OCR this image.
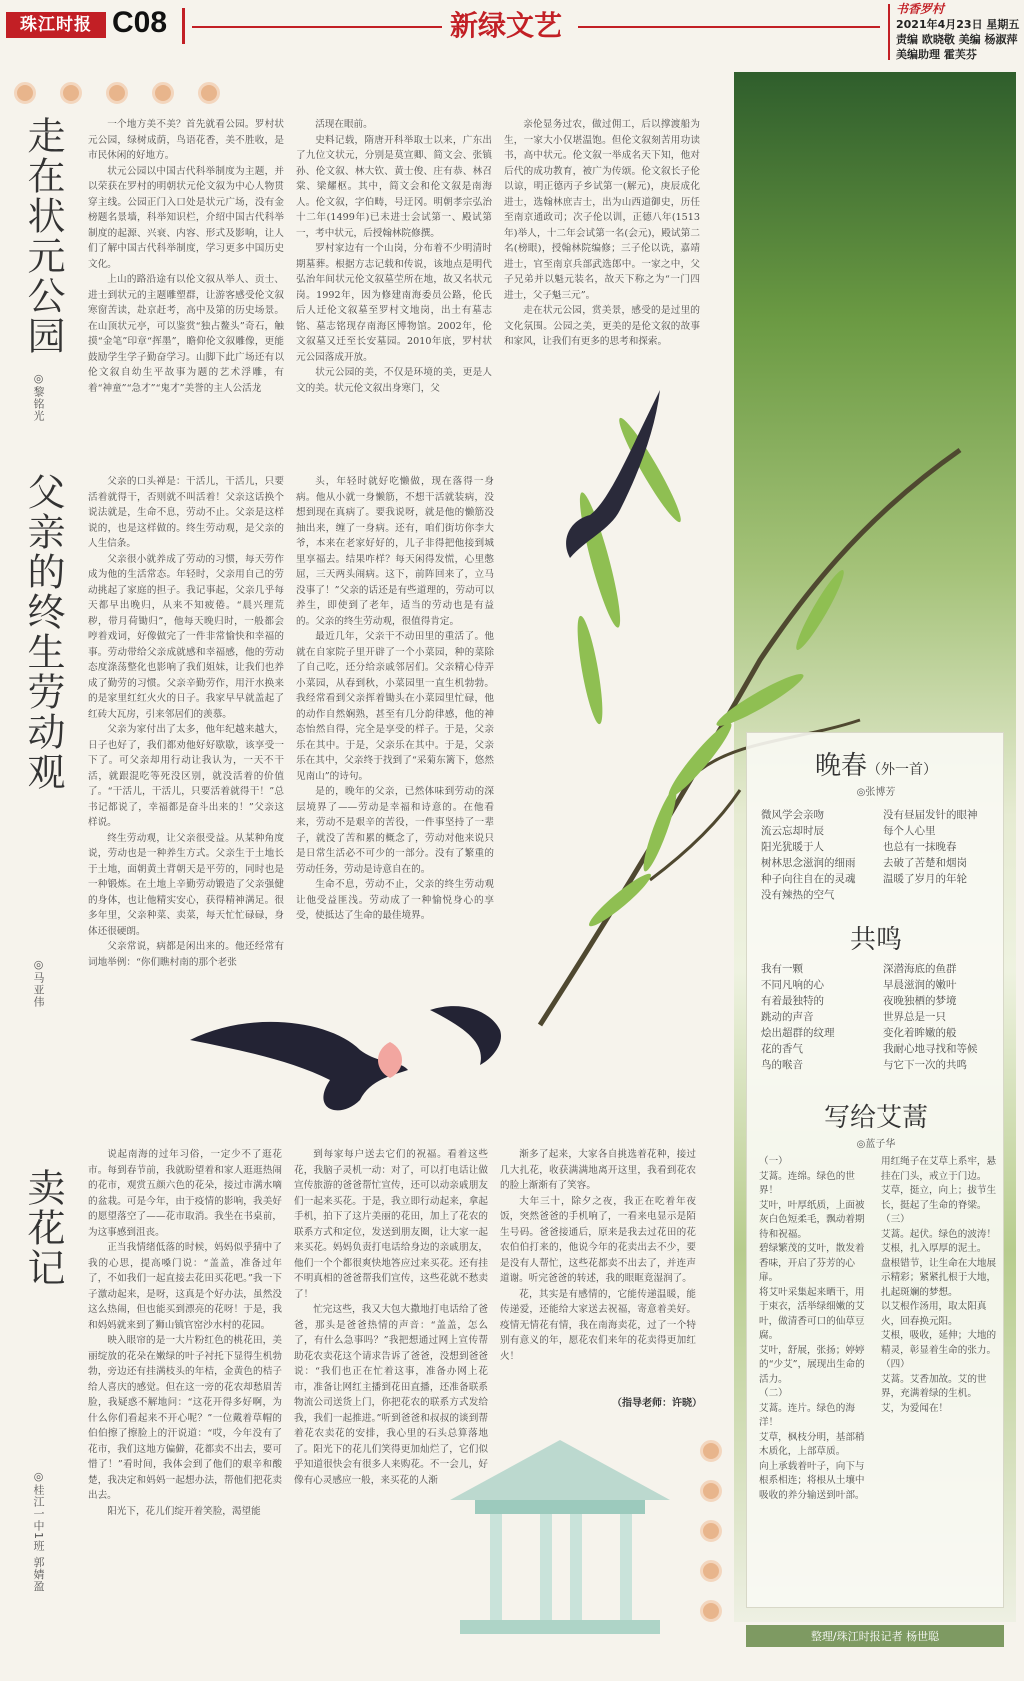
珠江时报 C08	新绿文艺	书香罗村
2021年4月23日 星期五
责编 欧晓敬 美编 杨淑萍
美编助理 霍芙芬
走在状元公园
◎黎铭光

一个地方美不美？首先就看公园。罗村状元公园，绿树成荫，鸟语花香，美不胜收，是市民休闲的好地方。

状元公园以中国古代科举制度为主题，并以荣获在罗村的明朝状元伦文叙为中心人物贯穿主线。公园正门入口处是状元广场，没有金榜题名景墙，科举知识栏，介绍中国古代科举制度的起源、兴衰、内容、形式及影响，让人们了解中国古代科举制度，学习更多中国历史文化。

上山的路沿途有以伦文叙从举人、贡士、进士到状元的主题雕塑群，让游客感受伦文叙寒窗苦读，赴京赶考，高中及第的历史场景。在山顶状元亭，可以鉴赏“独占鳌头”奇石，触摸“金笔”印章“挥墨”，瞻仰伦文叙雕像，更能鼓励学生学子勤奋学习。山脚下此广场还有以伦文叙自幼生平故事为题的艺术浮雕，有着“神童”“急才”“鬼才”美誉的主人公活龙

活现在眼前。

史料记载，隋唐开科举取士以来，广东出了九位文状元，分别是莫宣卿、简文会、张镇孙、伦文叙、林大钦、黄士俊、庄有恭、林召棠、梁耀枢。其中，简文会和伦文叙是南海人。伦文叙，字伯畴，号迂冈。明朝孝宗弘治十二年(1499年)已未进士会试第一、殿试第一，考中状元，后授翰林院修撰。

罗村家边有一个山岗，分布着不少明清时期墓葬。根据方志记载和传说，该地点是明代弘治年间状元伦文叙墓茔所在地，故又名状元岗。1992年，因为修建南海委员公路，伦氏后人迁伦文叙墓至罗村文地岗，出土有墓志铭、墓志铭现存南海区博物馆。2002年，伦文叙墓又迁至长安墓园。2010年底，罗村状元公园落成开放。

状元公园的美，不仅是环境的美，更是人文的美。状元伦文叙出身寒门，父

亲伦显务过农，做过佣工，后以撑渡船为生，一家大小仅堪温饱。但伦文叙刻苦用功读书，高中状元。伦文叙一举成名天下知，他对后代的成功教育，被广为传颂。伦文叙长子伦以谅，明正德丙子乡试第一(解元)，庚辰成化进士，选翰林庶吉士，出为山西道御史，历任至南京通政司；次子伦以训，正德八年(1513年)举人，十二年会试第一名(会元)，殿试第二名(榜眼)，授翰林院编修；三子伦以诜，嘉靖进士，官至南京兵部武选郎中。一家之中，父子兄弟并以魁元装名，故天下称之为“一门四进士，父子魁三元”。

走在状元公园，赏美景，感受的是过里的文化氛围。公园之美，更美的是伦文叙的故事和家风，让我们有更多的思考和探索。

父亲的终生劳动观
◎马亚伟

父亲的口头禅是：干活儿，干活儿，只要活着就得干，否则就不叫活着！父亲这话换个说法就是，生命不息，劳动不止。父亲是这样说的，也是这样做的。终生劳动观，是父亲的人生信条。

父亲很小就养成了劳动的习惯，每天劳作成为他的生活常态。年轻时，父亲用自己的劳动挑起了家庭的担子。我记事起，父亲几乎每天都早出晚归，从来不知疲倦。“晨兴理荒秽，带月荷锄归”，他每天晚归时，一般都会哼着戏词，好像做完了一件非常愉快和幸福的事。劳动带给父亲成就感和幸福感，他的劳动态度涤荡整化也影响了我们姐妹，让我们也养成了勤劳的习惯。父亲辛勤劳作，用汗水换来的是家里红红火火的日子。我家早早就盖起了红砖大瓦房，引来邻居们的羡慕。

父亲为家付出了太多，他年纪越来越大，日子也好了，我们都劝他好好歇歇，该享受一下了。可父亲却用行动让我认为，一天不干活，就跟混吃等死没区别，就没活着的价值了。“干活儿，干活儿，只要活着就得干！”总书记都说了，幸福都是奋斗出来的！”父亲这样说。

终生劳动观，让父亲很受益。从某种角度说，劳动也是一种养生方式。父亲生于土地长于土地，面朝黄土背朝天是平劳的，同时也是一种锻炼。在土地上辛勤劳动锻造了父亲强健的身体，也让他精实安心，获得精神满足。很多年里，父亲种菜、卖菜，每天忙忙碌碌，身体还很硬朗。

父亲常说，病都是闲出来的。他还经常有词地举例：“你们瞧村南的那个老张

头，年轻时就好吃懒做，现在落得一身病。他从小就一身懒筋，不想干活就装病，没想到现在真病了。要我说呀，就是他的懒筋没抽出来，缠了一身病。还有，咱们街坊你李大爷，本来在老家好好的，儿子非得把他接到城里享福去。结果咋样？每天闲得发慌，心里憋屈，三天两头闹病。这下，前阵回来了，立马没事了！”父亲的话还是有些道理的，劳动可以养生，即使到了老年，适当的劳动也是有益的。父亲的终生劳动观，很值得肯定。

最近几年，父亲干不动田里的重活了。他就在自家院子里开辟了一个小菜园，种的菜除了自己吃，还分给亲戚邻居们。父亲精心侍弄小菜园，从春到秋，小菜园里一直生机勃勃。我经常看到父亲挥着锄头在小菜园里忙碌，他的动作自然娴熟，甚至有几分韵律感，他的神态怡然自得，完全是享受的样子。于是，父亲乐在其中。于是，父亲乐在其中。于是，父亲乐在其中，父亲终于找到了“采菊东篱下，悠然见南山”的诗句。

是的，晚年的父亲，已然体味到劳动的深层境界了——劳动是幸福和诗意的。在他看来，劳动不是艰辛的苦役，一件事坚持了一辈子，就没了苦和累的概念了，劳动对他来说只是日常生活必不可少的一部分。没有了繁重的劳动任务，劳动是诗意自在的。

生命不息，劳动不止，父亲的终生劳动观让他受益匪浅。劳动成了一种愉悦身心的享受，使抵达了生命的最佳境界。

卖花记
◎桂江一中1班 郭婧盈

说起南海的过年习俗，一定少不了逛花市。每到春节前，我就盼望着和家人逛逛热闹的花市，观赏五颜六色的花朵，接过市满水嘀的盆栽。可是今年，由于疫情的影响，我美好的愿望落空了——花市取消。我坐在书桌前，为这事感到沮丧。

正当我情绪低落的时候，妈妈似乎猜中了我的心思，提高嗓门说：“盖盖，准备过年了，不如我们一起直接去花田买花吧。”我一下子激动起来，是呀，这真是个好办法，虽然没这么热闹，但也能买到漂亮的花呀！于是，我和妈妈就来到了狮山镇官窑沙水村的花园。

映入眼帘的是一大片粉红色的桃花田，美丽绽放的花朵在嫩绿的叶子衬托下显得生机勃勃，旁边还有挂满枝头的年桔，金黄色的桔子给人喜庆的感觉。但在这一旁的花农却愁眉苦脸，我疑惑不解地问：“这花开得多好啊，为什么你们看起来不开心呢？”一位戴着草帽的伯伯擦了擦脸上的汗说道：“哎，今年没有了花市，我们这地方偏僻，花都卖不出去，要可惜了！”看时间，我体会到了他们的艰辛和酸楚，我决定和妈妈一起想办法，帮他们把花卖出去。

阳光下，花儿们绽开着笑脸，渴望能

到每家每户送去它们的祝福。看着这些花，我脑子灵机一动：对了，可以打电话让做宣传旅游的爸爸帮忙宣传，还可以动亲戚朋友们一起来买花。于是，我立即行动起来，拿起手机，拍下了这片美丽的花田，加上了花农的联系方式和定位，发送到朋友圈，让大家一起来买花。妈妈负责打电话给身边的亲戚朋友，他们一个个都很爽快地答应过来买花。还有挂不明真相的爸爸帮我们宣传，这些花就不愁卖了！

忙完这些，我又大包大撒地打电话给了爸爸，那头是爸爸热情的声音：“盖盖，怎么了，有什么急事吗？”我把想通过网上宣传帮助花农卖花这个请求告诉了爸爸，没想到爸爸说：“我们也正在忙着这事，准备办网上花市，准备让网红主播到花田直播，还准备联系物流公司送货上门，你把花农的联系方式发给我，我们一起推进。”听到爸爸和叔叔的谈到帮着花农卖花的安排，我心里的石头总算落地了。阳光下的花儿们笑得更加灿烂了，它们似乎知道很快会有很多人来购花。不一会儿，好像有心灵感应一般，来买花的人渐

渐多了起来，大家各自挑选着花种，接过几大扎花，收获满满地离开这里，我看到花农的脸上渐渐有了笑容。

大年三十，除夕之夜，我正在吃着年夜饭，突然爸爸的手机响了，一看来电显示是陌生号码。爸爸接通后，原来是我去过花田的花农伯伯打来的，他说今年的花卖出去不少，要是没有人帮忙，这些花都卖不出去了，并连声道谢。听完爸爸的转述，我的眼眶竟湿润了。

花，其实是有感情的，它能传递温暖，能传递爱，还能给大家送去祝福，寄意着美好。疫情无情花有情，我在南海卖花，过了一个特别有意义的年，愿花农们来年的花卖得更加红火！

（指导老师：许晓）
晚春（外一首）
◎张博芳
微风学会亲吻
流云忘却时辰
阳光犹暖于人
树林思念滋润的细雨
种子向往自在的灵魂
没有辣热的空气
没有昼届发针的眼神
每个人心里
也总有一抹晚春
去破了苦楚和烟岗
温暖了岁月的年轮
共鸣
我有一颗
不同凡响的心
有着最独特的
跳动的声音
烩出超群的纹理
花的香气
鸟的喉音
深潜海底的鱼群
早晨滋润的嫩叶
夜晚独栖的梦境
世界总是一只
变化着眸嫩的般
我耐心地寻找和等候
与它下一次的共鸣
写给艾蒿
◎蓝子华
（一）
艾蒿。连绵。绿色的世界！
艾叶，叶厚纸质，上面被灰白色短柔毛，飘动着期待和祝福。
碧绿繁茂的艾叶，散发着香味，开启了芬芳的心扉。
将艾叶采集起来晒干，用于束衣，活举绿细嫩的艾叶，做清香可口的仙草豆腐。
艾叶，舒展，张扬；婷婷的“少艾”，展现出生命的活力。
（二）
艾蒿。连片。绿色的海洋！
艾草，枫枝分明，基部稍木质化，上部草质。
向上承载着叶子，向下与根系相连；将根从土壤中吸收的养分输送到叶部。
用红绳子在艾草上系牢，悬挂在门头，戒立于门边。
艾草，挺立，向上；拔节生长，挺起了生命的脊梁。
（三）
艾蒿。起伏。绿色的波涛！
艾根，扎入厚厚的泥土。
盘根错节，让生命在大地展示精彩；紧紧扎根于大地，扎起斑斓的梦想。
以艾根作汤用，取太阳真火，回春换元阳。
艾根，吸收，延伸；大地的精灵，彰显着生命的张力。
（四）
艾蒿。艾香加故。艾的世界，充满着绿的生机。
艾，为爱闻在！
整理/珠江时报记者 杨世聪
